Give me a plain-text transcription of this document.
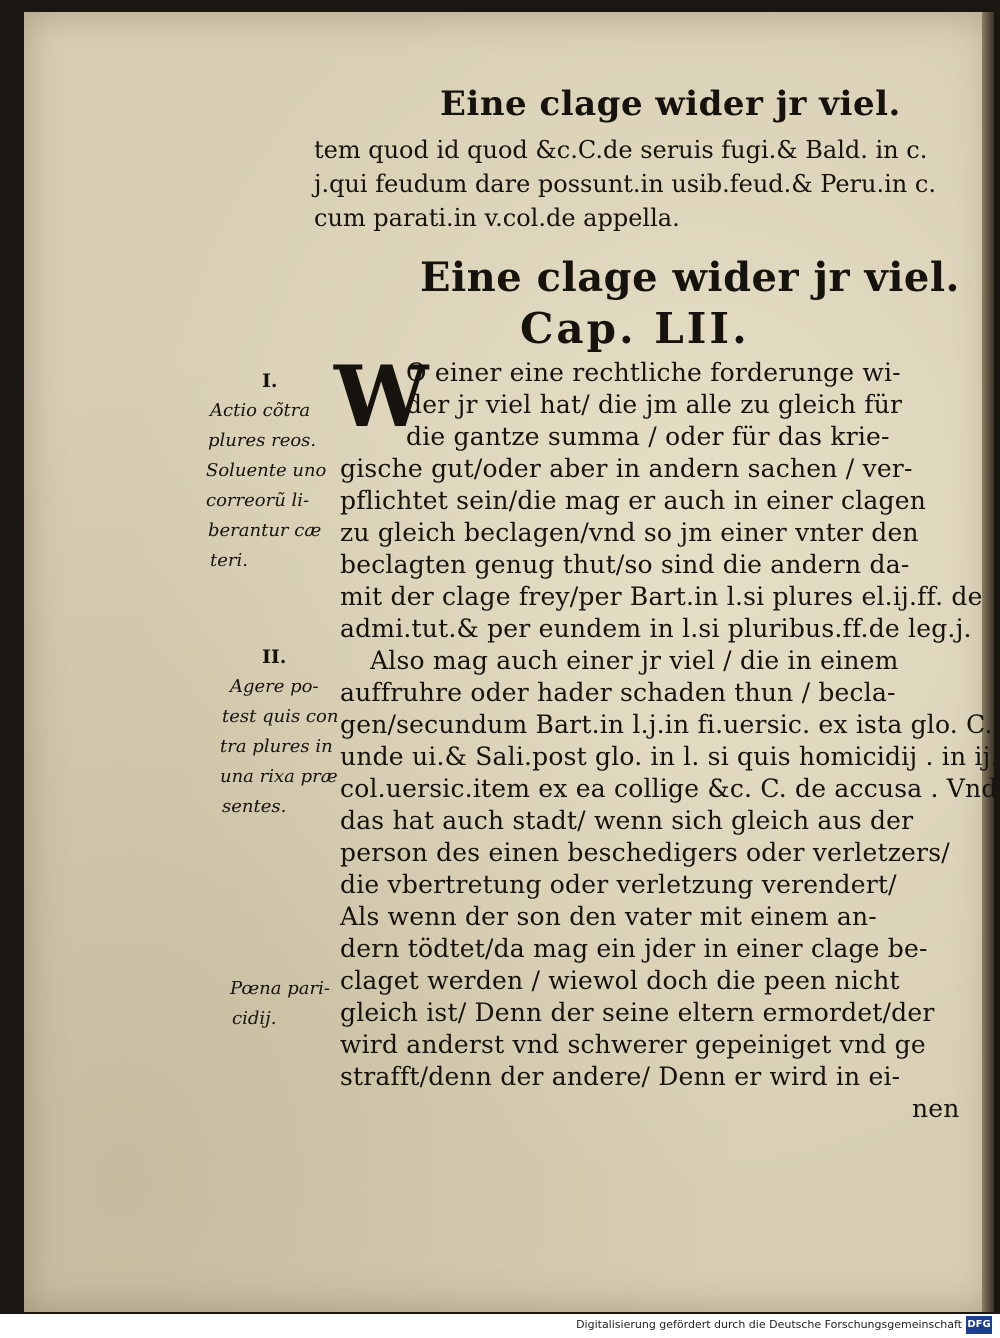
Eine clage wider jr viel.
tem quod id quod &c.C.de seruis fugi.& Bald. in c.
j.qui feudum dare possunt.in usib.feud.& Peru.in c.
cum parati.in v.col.de appella.
Eine clage wider jr viel.
Cap. LII.
W
O einer eine rechtliche forderunge wi-
der jr viel hat/ die jm alle zu gleich für
die gantze summa / oder für das krie-
gische gut/oder aber in andern sachen / ver-
pflichtet sein/die mag er auch in einer clagen
zu gleich beclagen/vnd so jm einer vnter den
beclagten genug thut/so sind die andern da-
mit der clage frey/per Bart.in l.si plures el.ij.ff. de
admi.tut.& per eundem in l.si pluribus.ff.de leg.j.
Also mag auch einer jr viel / die in einem
auffruhre oder hader schaden thun / becla-
gen/secundum Bart.in l.j.in fi.uersic. ex ista glo. C.
unde ui.& Sali.post glo. in l. si quis homicidij . in ij.
col.uersic.item ex ea collige &c. C. de accusa . Vnd
das hat auch stadt/ wenn sich gleich aus der
person des einen beschedigers oder verletzers/
die vbertretung oder verletzung verendert/
Als wenn der son den vater mit einem an-
dern tödtet/da mag ein jder in einer clage be-
claget werden / wiewol doch die peen nicht
gleich ist/ Denn der seine eltern ermordet/der
wird anderst vnd schwerer gepeiniget vnd ge
strafft/denn der andere/ Denn er wird in ei-
nen
I.
Actio cõtra
plures reos.
Soluente uno
correorũ li-
berantur cæ
teri.
II.
Agere po-
test quis con
tra plures in
una rixa præ
sentes.
Pœna pari-
cidij.
Digitalisierung gefördert durch die Deutsche Forschungsgemeinschaft DFG
